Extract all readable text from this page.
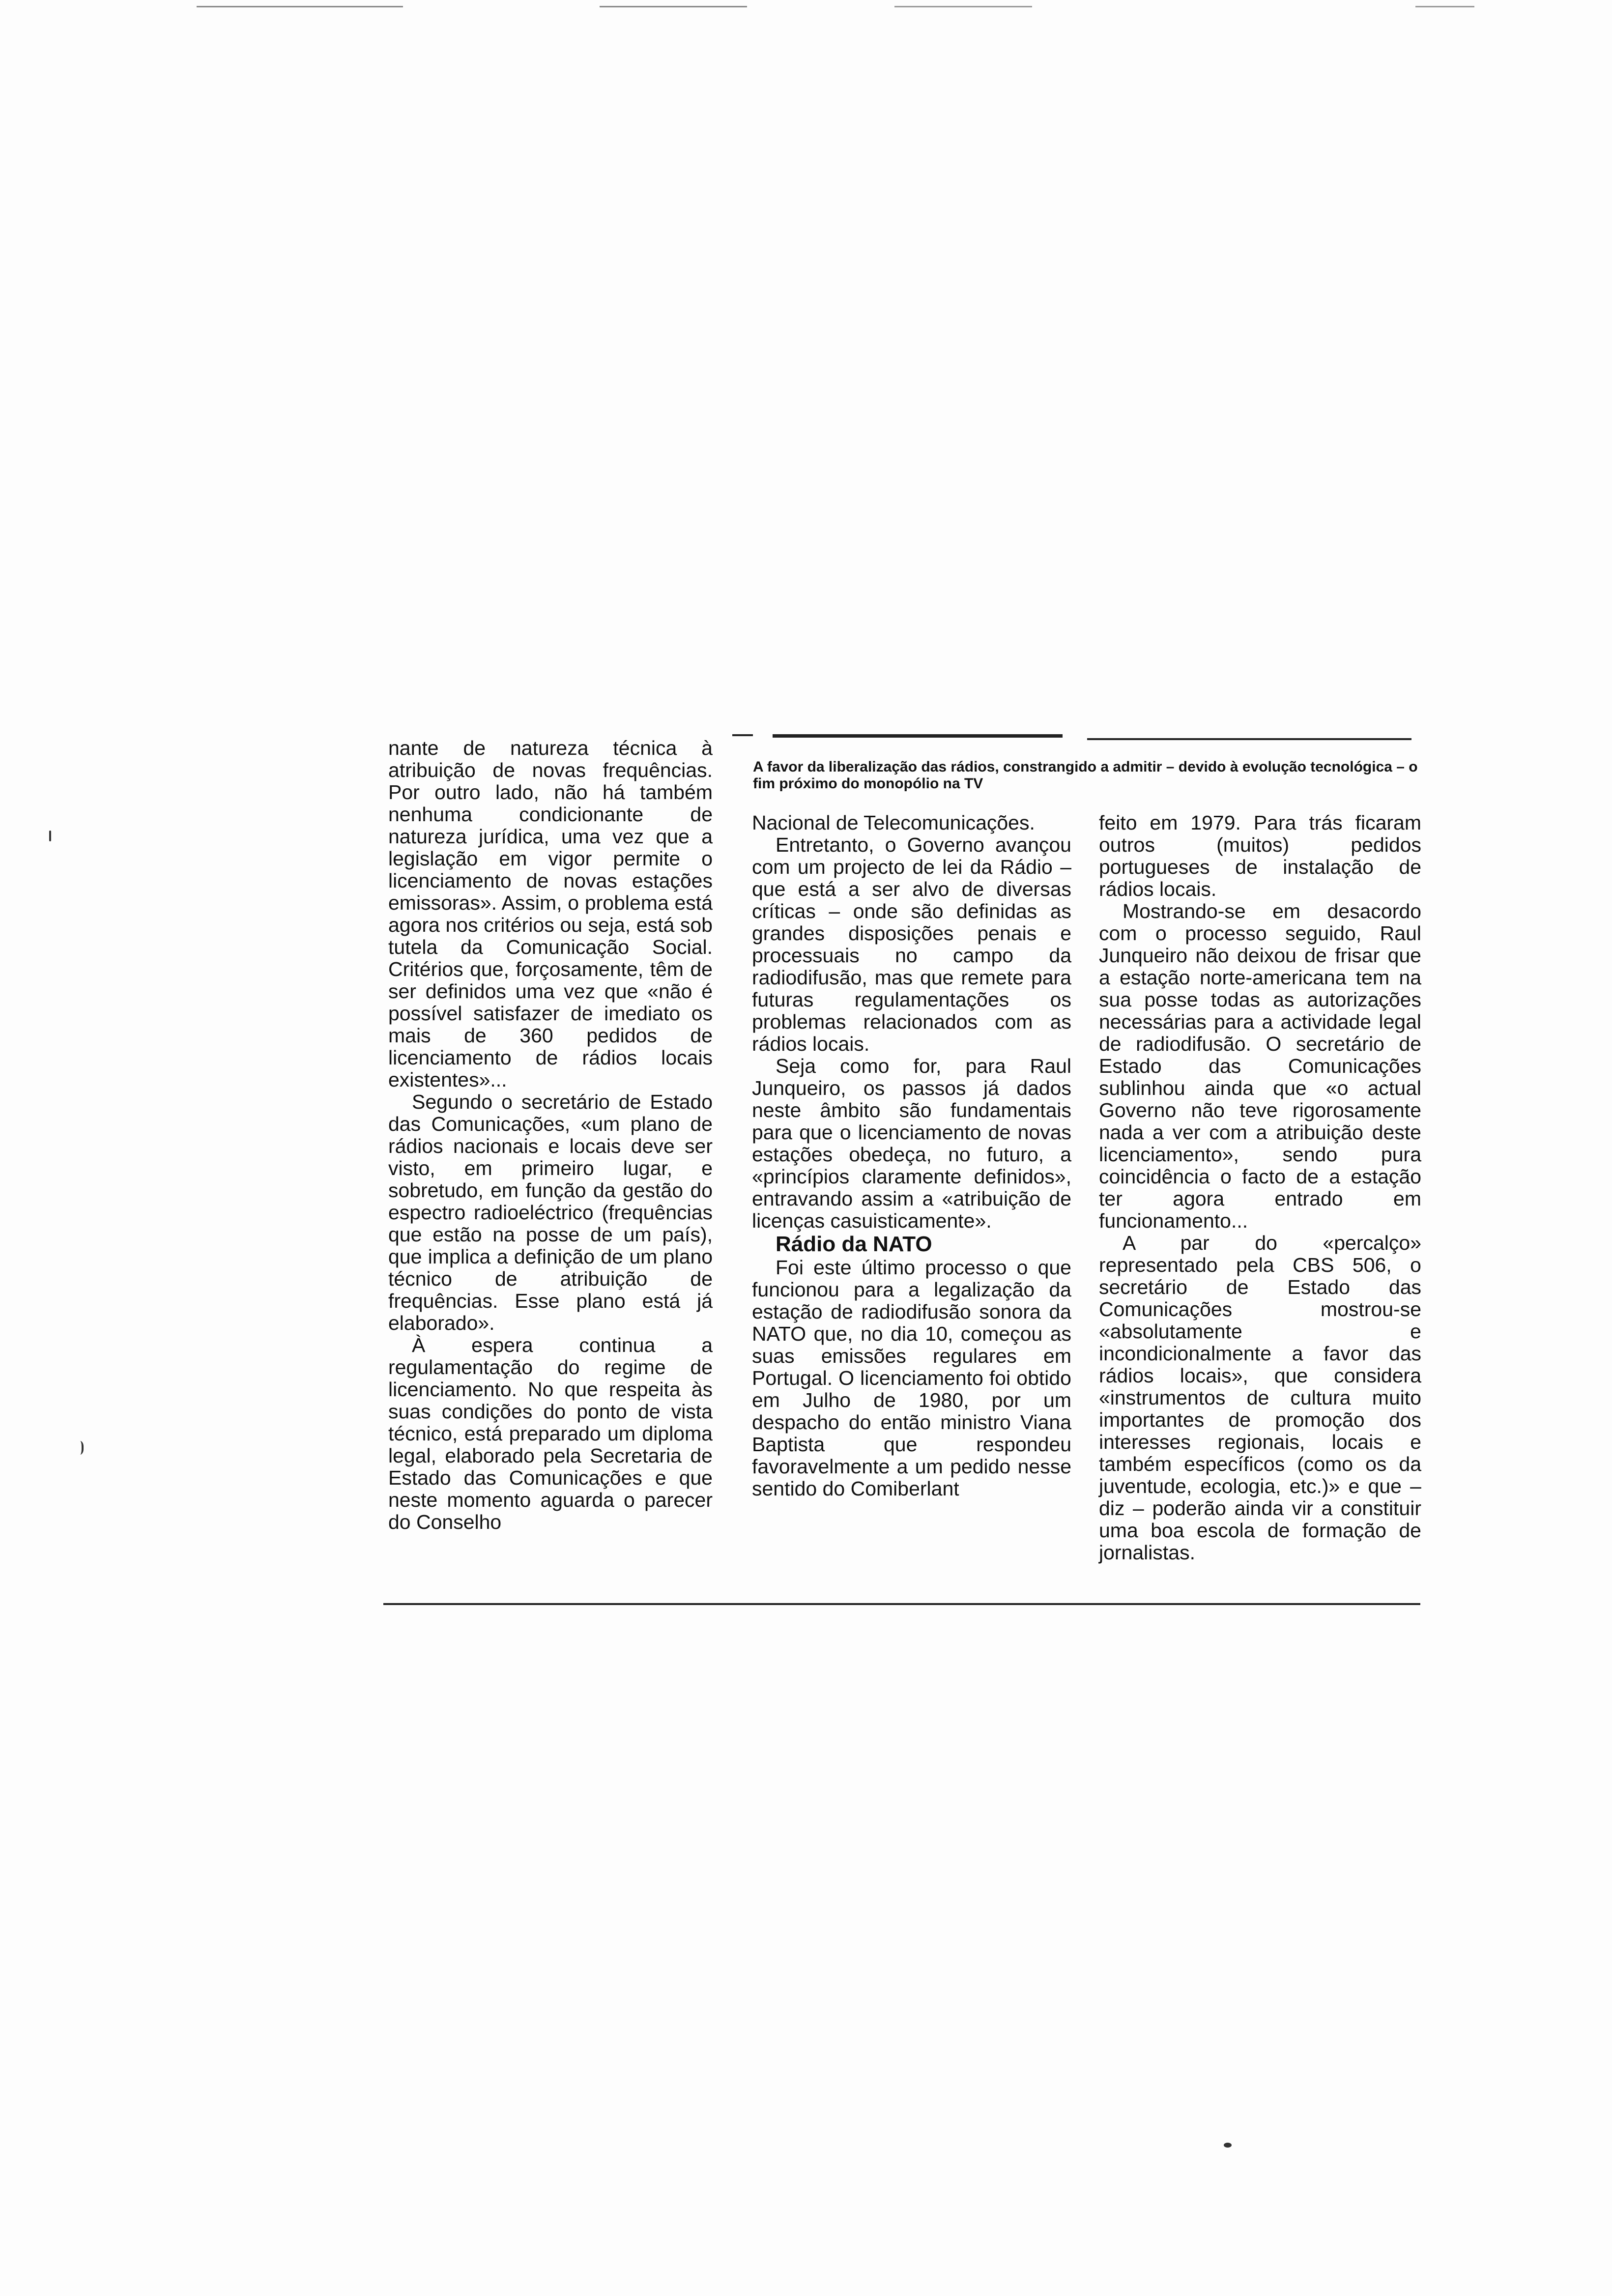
A favor da liberalização das rádios, constrangido a admitir – devido à evolução tecnológica – o fim próximo do monopólio na TV

nante de natureza técnica à atribuição de novas frequências. Por outro lado, não há também nenhuma condicionante de natureza jurídica, uma vez que a legislação em vigor permite o licenciamento de novas estações emissoras». Assim, o problema está agora nos critérios ou seja, está sob tutela da Comunicação Social. Critérios que, forçosamente, têm de ser definidos uma vez que «não é possível satisfazer de imediato os mais de 360 pedidos de licenciamento de rádios locais existentes»...

Segundo o secretário de Estado das Comunicações, «um plano de rádios nacionais e locais deve ser visto, em primeiro lugar, e sobretudo, em função da gestão do espectro radioeléctrico (frequências que estão na posse de um país), que implica a definição de um plano técnico de atribuição de frequências. Esse plano está já elaborado».

À espera continua a regulamentação do regime de licenciamento. No que respeita às suas condições do ponto de vista técnico, está preparado um diploma legal, elaborado pela Secretaria de Estado das Comunicações e que neste momento aguarda o parecer do Conselho

Nacional de Telecomunicações.

Entretanto, o Governo avançou com um projecto de lei da Rádio – que está a ser alvo de diversas críticas – onde são definidas as grandes disposições penais e processuais no campo da radiodifusão, mas que remete para futuras regulamentações os problemas relacionados com as rádios locais.

Seja como for, para Raul Junqueiro, os passos já dados neste âmbito são fundamentais para que o licenciamento de novas estações obedeça, no futuro, a «princípios claramente definidos», entravando assim a «atribuição de licenças casuisticamente».

Rádio da NATO

Foi este último processo o que funcionou para a legalização da estação de radiodifusão sonora da NATO que, no dia 10, começou as suas emissões regulares em Portugal. O licenciamento foi obtido em Julho de 1980, por um despacho do então ministro Viana Baptista que respondeu favoravelmente a um pedido nesse sentido do Comiberlant

feito em 1979. Para trás ficaram outros (muitos) pedidos portugueses de instalação de rádios locais.

Mostrando-se em desacordo com o processo seguido, Raul Junqueiro não deixou de frisar que a estação norte-americana tem na sua posse todas as autorizações necessárias para a actividade legal de radiodifusão. O secretário de Estado das Comunicações sublinhou ainda que «o actual Governo não teve rigorosamente nada a ver com a atribuição deste licenciamento», sendo pura coincidência o facto de a estação ter agora entrado em funcionamento...

A par do «percalço» representado pela CBS 506, o secretário de Estado das Comunicações mostrou-se «absolutamente e incondicionalmente a favor das rádios locais», que considera «instrumentos de cultura muito importantes de promoção dos interesses regionais, locais e também específicos (como os da juventude, ecologia, etc.)» e que – diz – poderão ainda vir a constituir uma boa escola de formação de jornalistas.
